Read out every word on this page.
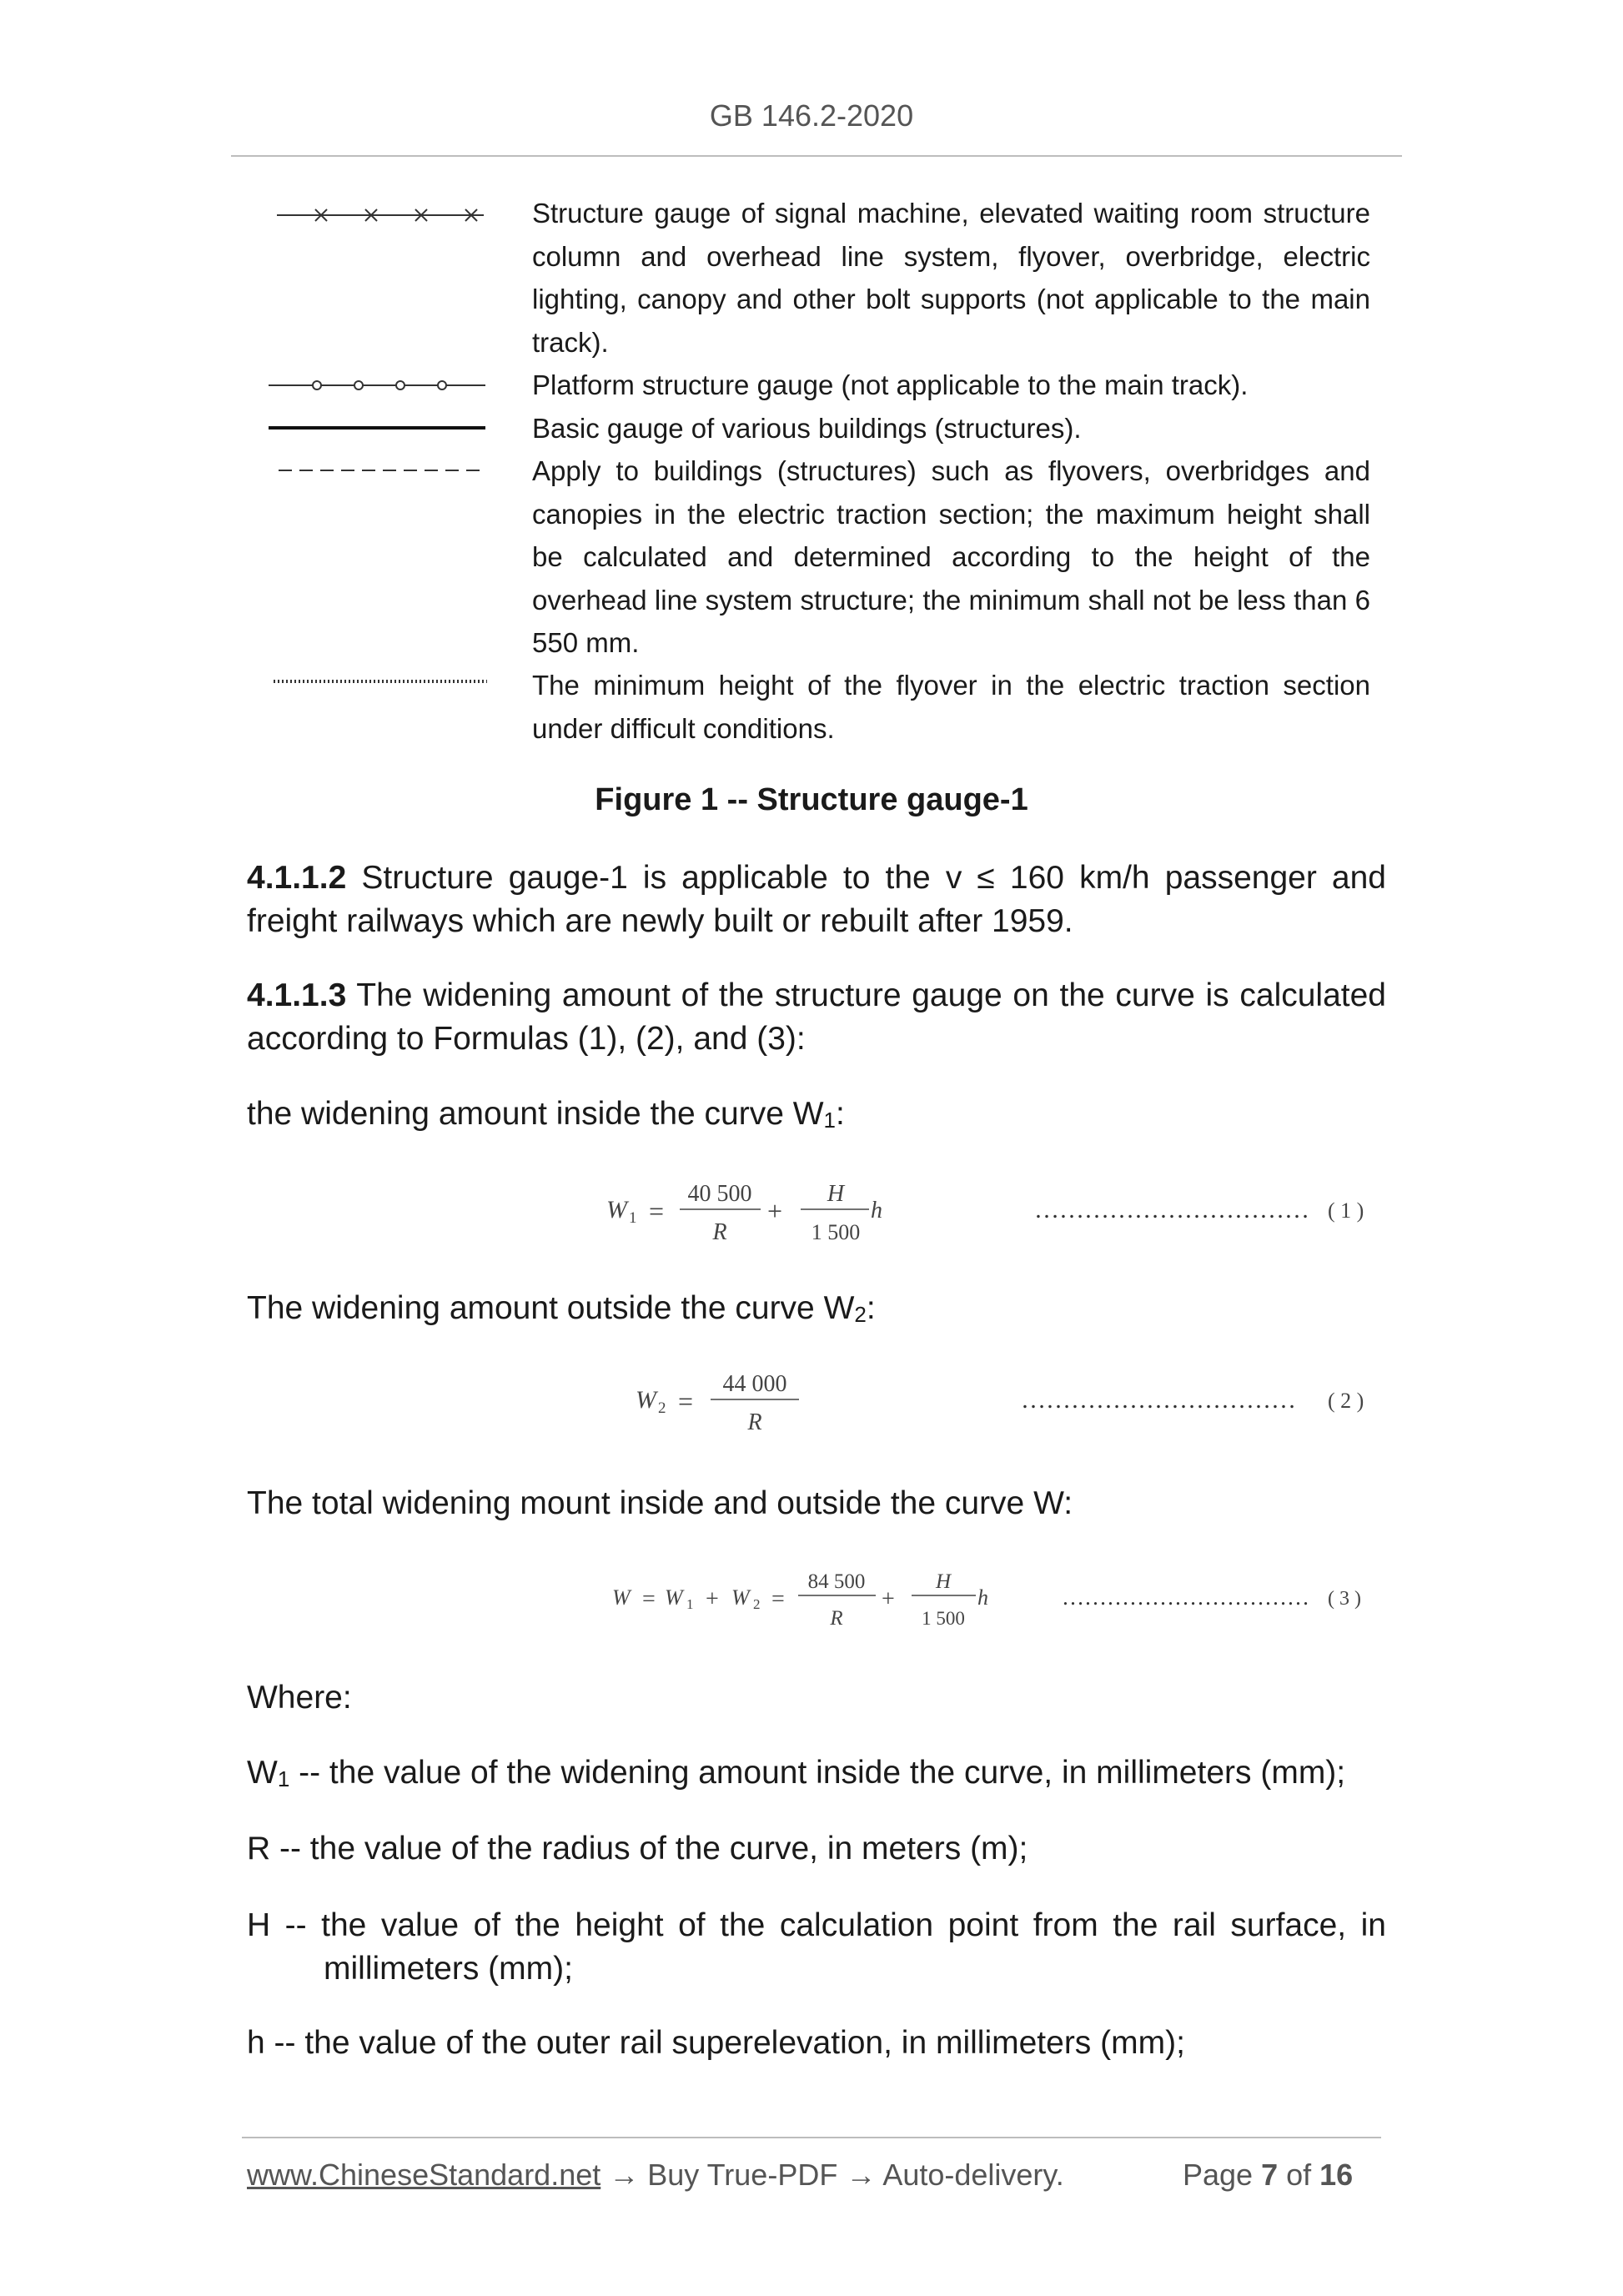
GB 146.2-2020
Structure gauge of signal machine, elevated waiting room structure column and overhead line system, flyover, overbridge, electric lighting, canopy and other bolt supports (not applicable to the main track).
Platform structure gauge (not applicable to the main track).
Basic gauge of various buildings (structures).
Apply to buildings (structures) such as flyovers, overbridges and canopies in the electric traction section; the maximum height shall be calculated and determined according to the height of the overhead line system structure; the minimum shall not be less than 6 550 mm.
The minimum height of the flyover in the electric traction section under difficult conditions.
Figure 1 -- Structure gauge-1
4.1.1.2 Structure gauge-1 is applicable to the v ≤ 160 km/h passenger and freight railways which are newly built or rebuilt after 1959.
4.1.1.3 The widening amount of the structure gauge on the curve is calculated according to Formulas (1), (2), and (3):
the widening amount inside the curve $W_1$:
W 1 =
40 500
R
+
H
1 500
h	…………………………… ( 1 )
The widening amount outside the curve $W_2$:
W 2 =
44 000
R
…………………………… ( 2 )
The total widening mount inside and outside the curve W:
W = W 1 + W 2 =
84 500
R
+
H
1 500
h	…………………………… ( 3 )
Where:
$W_1$ -- the value of the widening amount inside the curve, in millimeters (mm);
R -- the value of the radius of the curve, in meters (m);
H -- the value of the height of the calculation point from the rail surface, in millimeters (mm);
h -- the value of the outer rail superelevation, in millimeters (mm);
www.ChineseStandard.net → Buy True-PDF → Auto-delivery.	Page 7 of 16
